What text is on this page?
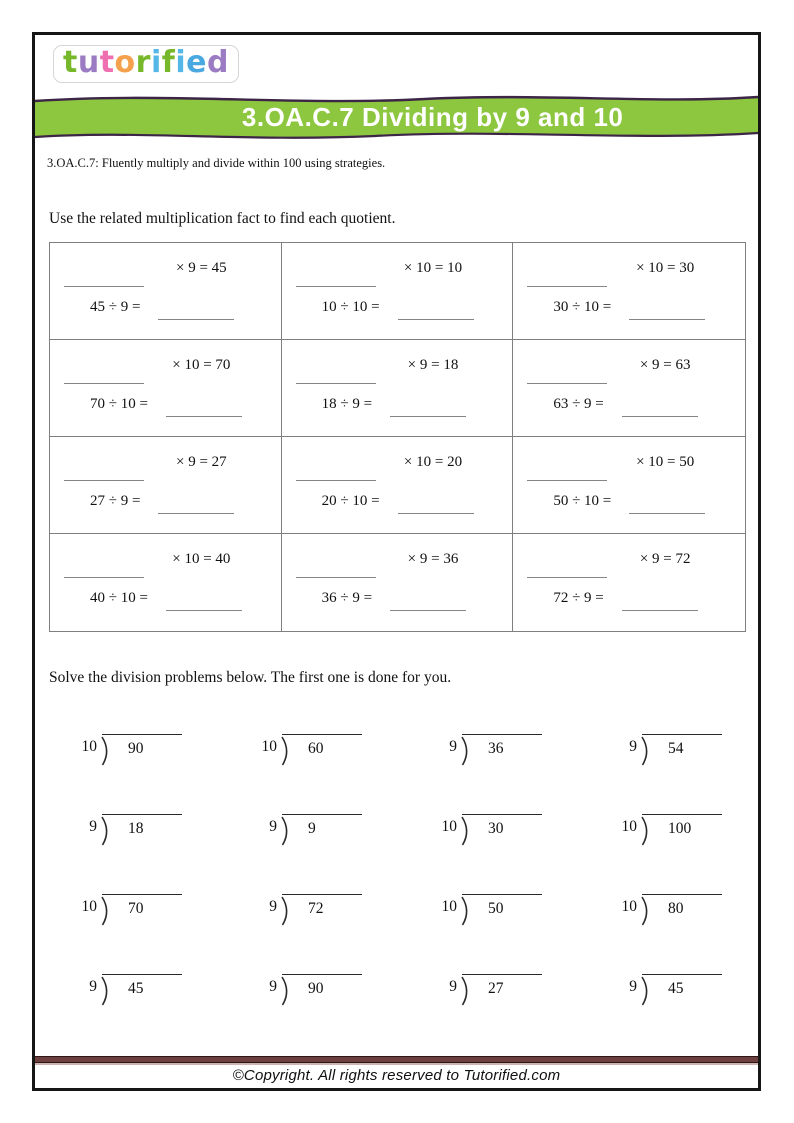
tutorified
3.OA.C.7 Dividing by 9 and 10
3.OA.C.7: Fluently multiply and divide within 100 using strategies.
Use the related multiplication fact to find each quotient.
× 9 = 45
45 ÷ 9 =
× 10 = 10
10 ÷ 10 =
× 10 = 30
30 ÷ 10 =
× 10 = 70
70 ÷ 10 =
× 9 = 18
18 ÷ 9 =
× 9 = 63
63 ÷ 9 =
× 9 = 27
27 ÷ 9 =
× 10 = 20
20 ÷ 10 =
× 10 = 50
50 ÷ 10 =
× 10 = 40
40 ÷ 10 =
× 9 = 36
36 ÷ 9 =
× 9 = 72
72 ÷ 9 =
Solve the division problems below. The first one is done for you.
10	90	10	60	9	36	9	54
9	18	9	9	10	30	10	100
10	70	9	72	10	50	10	80
9	45	9	90	9	27	9	45
©Copyright. All rights reserved to Tutorified.com
